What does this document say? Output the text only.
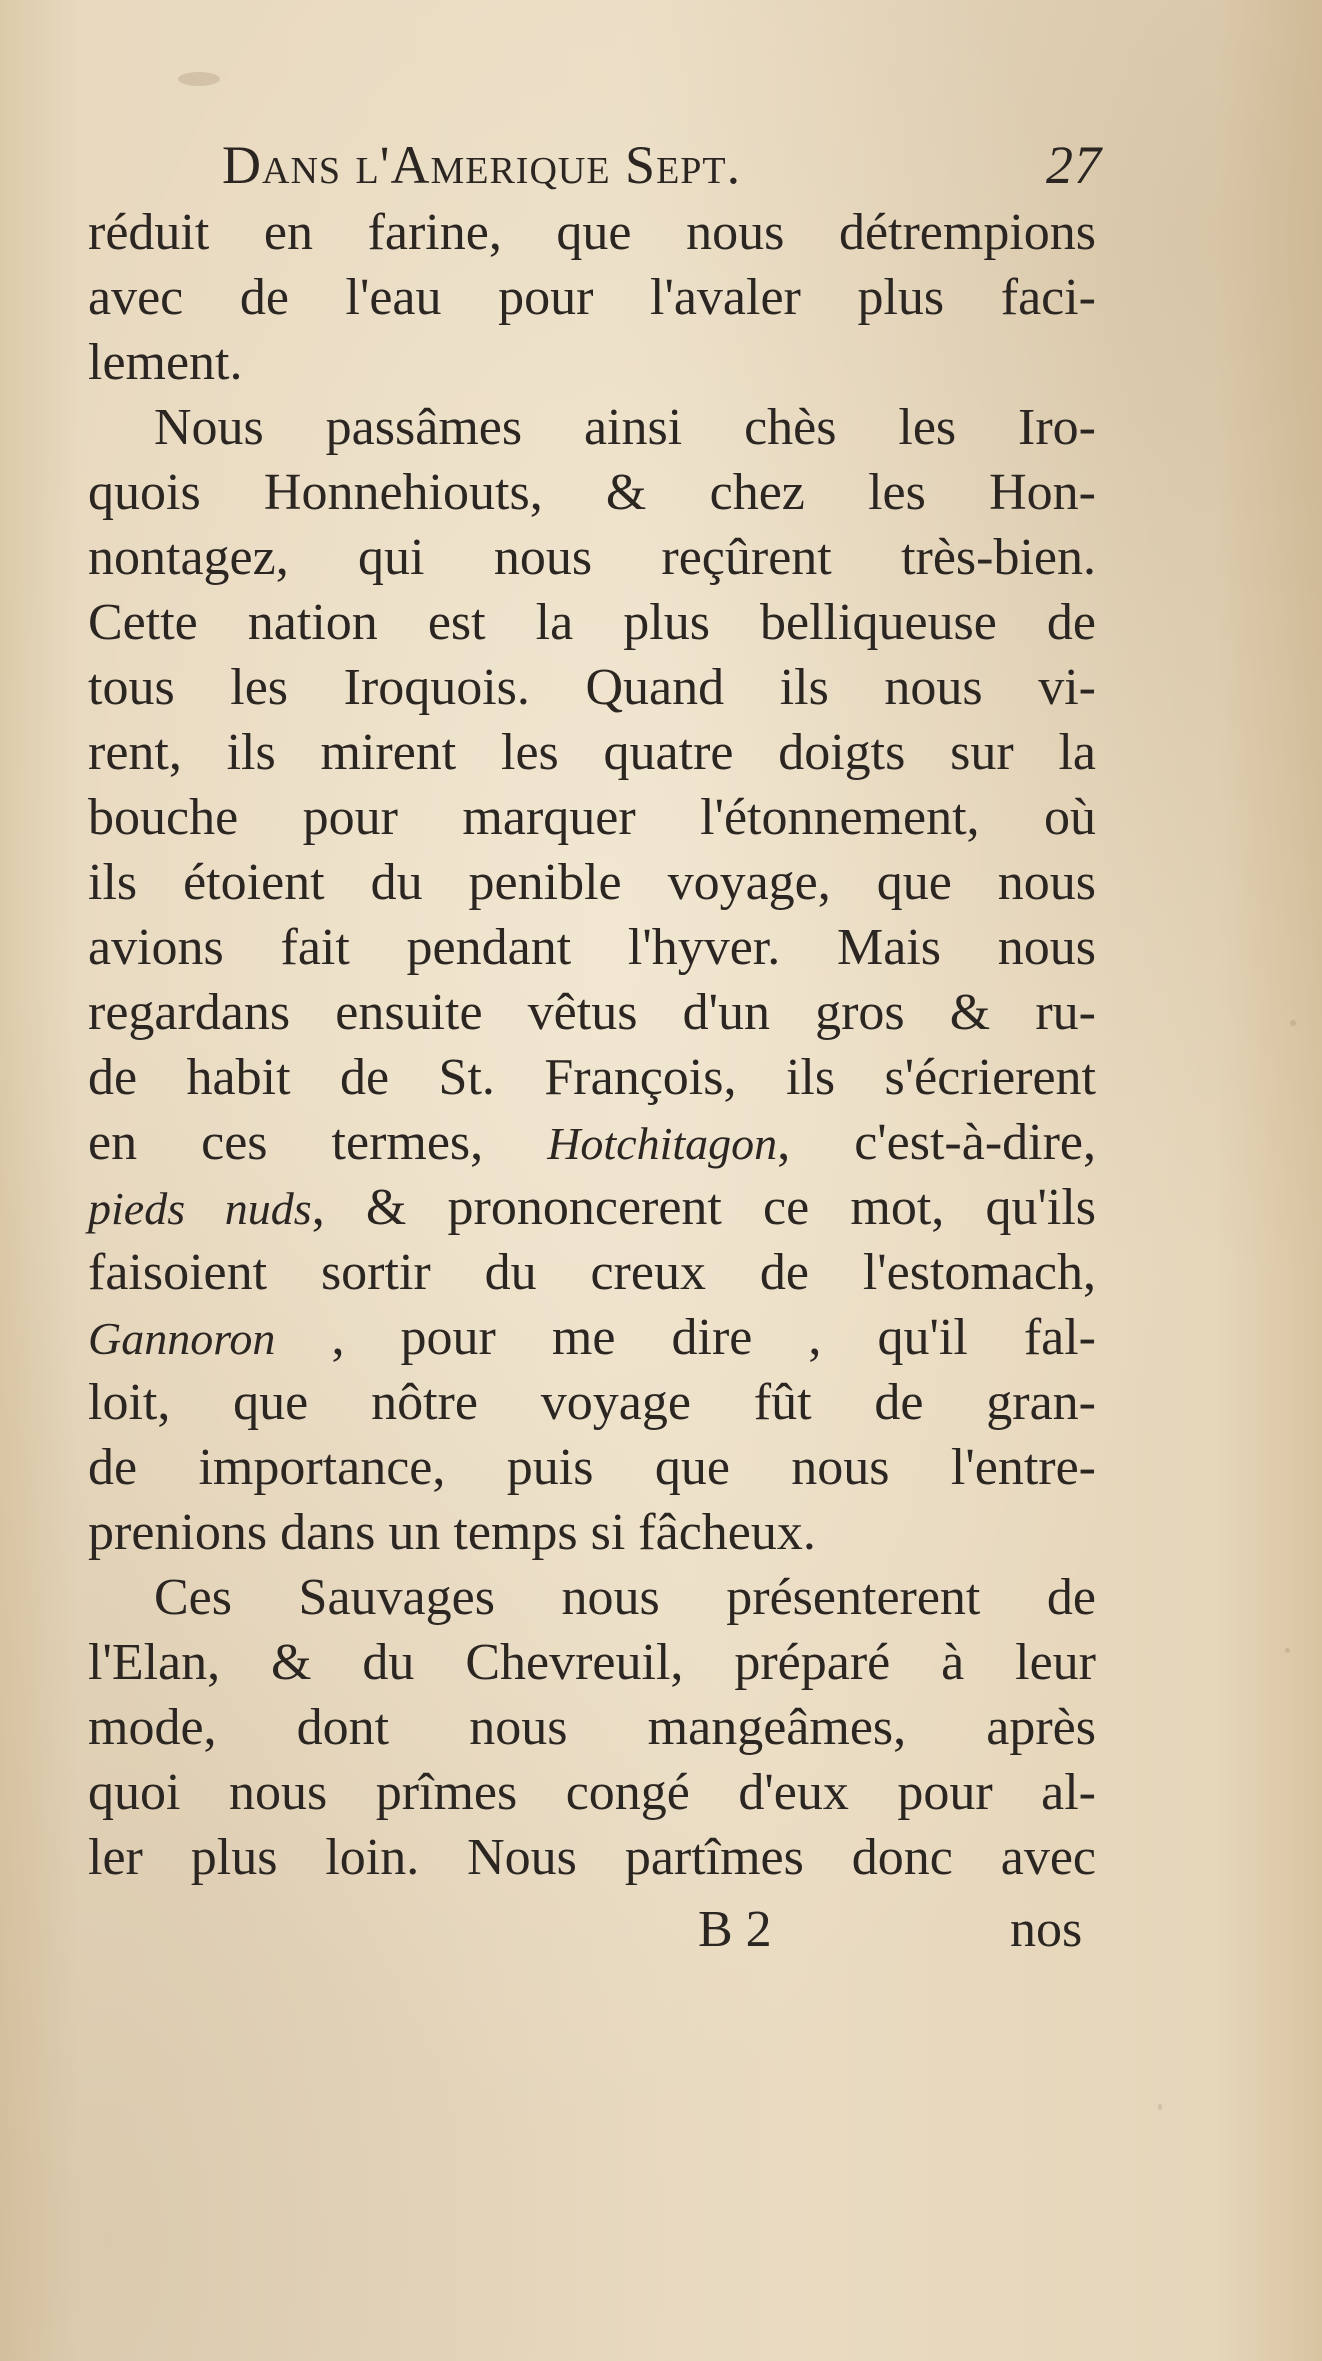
Dans l'Amerique Sept.	27
réduit en farine, que nous détrempions
avec de l'eau pour l'avaler plus faci-
lement.
Nous passâmes ainsi chès les Iro-
quois Honnehiouts, & chez les Hon-
nontagez, qui nous reçûrent très-bien.
Cette nation est la plus belliqueuse de
tous les Iroquois. Quand ils nous vi-
rent, ils mirent les quatre doigts sur la
bouche pour marquer l'étonnement, où
ils étoient du penible voyage, que nous
avions fait pendant l'hyver. Mais nous
regardans ensuite vêtus d'un gros & ru-
de habit de St. François, ils s'écrierent
en ces termes, Hotchitagon, c'est-à-dire,
pieds nuds, & prononcerent ce mot, qu'ils
faisoient sortir du creux de l'estomach,
Gannoron , pour me dire , qu'il fal-
loit, que nôtre voyage fût de gran-
de importance, puis que nous l'entre-
prenions dans un temps si fâcheux.
Ces Sauvages nous présenterent de
l'Elan, & du Chevreuil, préparé à leur
mode, dont nous mangeâmes, après
quoi nous prîmes congé d'eux pour al-
ler plus loin. Nous partîmes donc avec
B 2	nos
